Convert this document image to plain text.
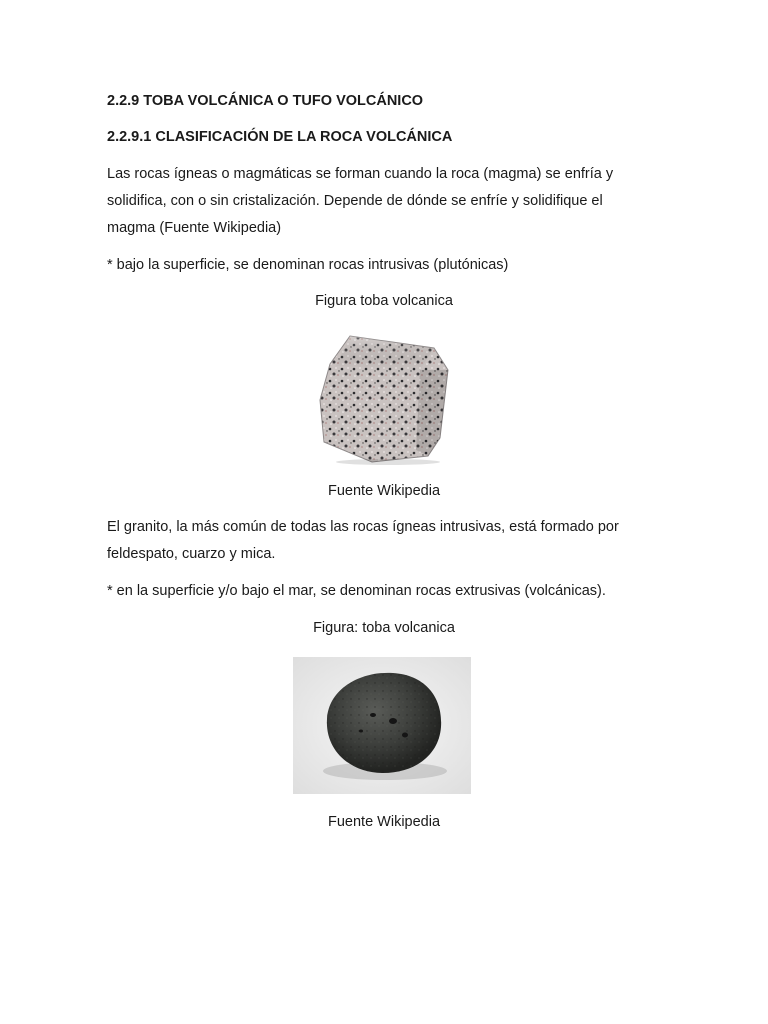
2.2.9 TOBA VOLCÁNICA O TUFO VOLCÁNICO
2.2.9.1 CLASIFICACIÓN DE LA ROCA VOLCÁNICA
Las rocas ígneas o magmáticas se forman cuando la roca (magma) se enfría y
solidifica, con o sin cristalización. Depende de dónde se enfríe y solidifique el
magma (Fuente Wikipedia)
* bajo la superficie, se denominan rocas intrusivas (plutónicas)
Figura toba volcanica
Fuente Wikipedia
El granito, la más común de todas las rocas ígneas intrusivas, está formado por
feldespato, cuarzo y mica.
* en la superficie y/o bajo el mar, se denominan rocas extrusivas (volcánicas).
Figura: toba volcanica
Fuente Wikipedia
